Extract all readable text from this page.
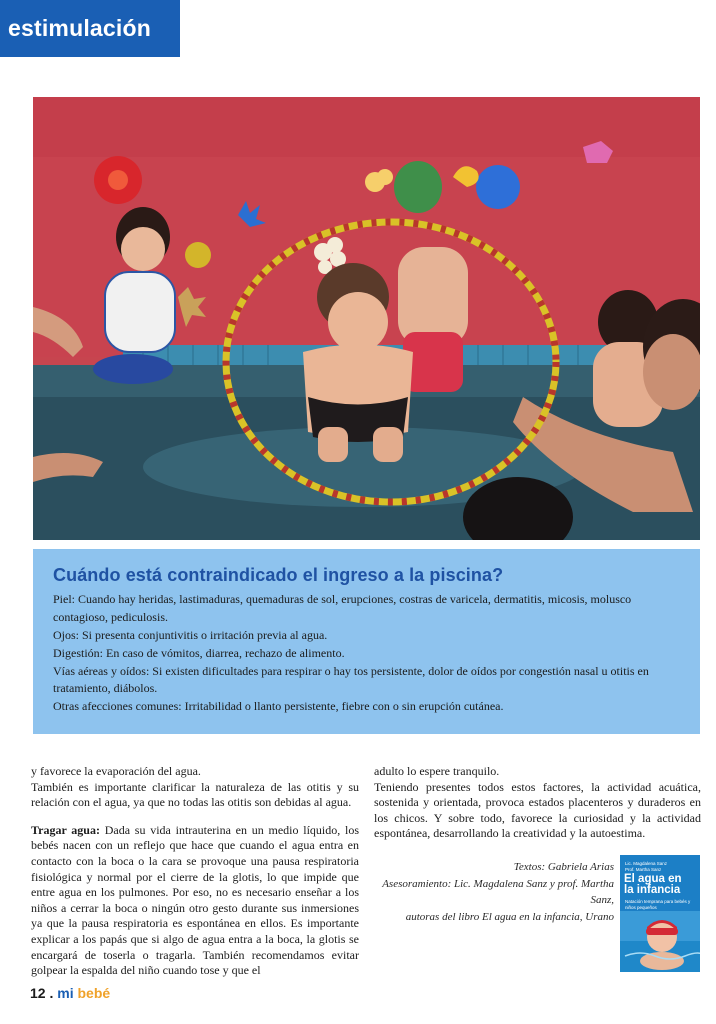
estimulación
Cuándo está contraindicado el ingreso a la piscina?

Piel: Cuando hay heridas, lastimaduras, quemaduras de sol, erupciones, costras de varicela, dermatitis, micosis, molusco contagioso, pediculosis.

Ojos: Si presenta conjuntivitis o irritación previa al agua.

Digestión: En caso de vómitos, diarrea, rechazo de alimento.

Vías aéreas y oídos: Si existen dificultades para respirar o hay tos persistente, dolor de oídos por congestión nasal u otitis en tratamiento, diábolos.

Otras afecciones comunes: Irritabilidad o llanto persistente, fiebre con o sin erupción cutánea.

y favorece la evaporación del agua.

También es importante clarificar la naturaleza de las otitis y su relación con el agua, ya que no todas las otitis son debidas al agua.

Tragar agua: Dada su vida intrauterina en un medio líquido, los bebés nacen con un reflejo que hace que cuando el agua entra en contacto con la boca o la cara se provoque una pausa respiratoria fisiológica y normal por el cierre de la glotis, lo que impide que entre agua en los pulmones. Por eso, no es necesario enseñar a los niños a cerrar la boca o ningún otro gesto durante sus inmersiones ya que la pausa respiratoria es espontánea en ellos. Es importante explicar a los papás que si algo de agua entra a la boca, la glotis se encargará de toserla o tragarla. También recomendamos evitar golpear la espalda del niño cuando tose y que el

adulto lo espere tranquilo.

Teniendo presentes todos estos factores, la actividad acuática, sostenida y orientada, provoca estados placenteros y duraderos en los chicos. Y sobre todo, favorece la curiosidad y la actividad espontánea, desarrollando la creatividad y la autoestima.

Textos: Gabriela Arias
Asesoramiento: Lic. Magdalena Sanz y prof. Martha Sanz,
autoras del libro El agua en la infancia, Urano
Lic. Magdalena Sanz
Prof. Martha Sanz
El agua en
la infancia
Natación temprana para bebés y niños pequeños
12 . mi bebé
